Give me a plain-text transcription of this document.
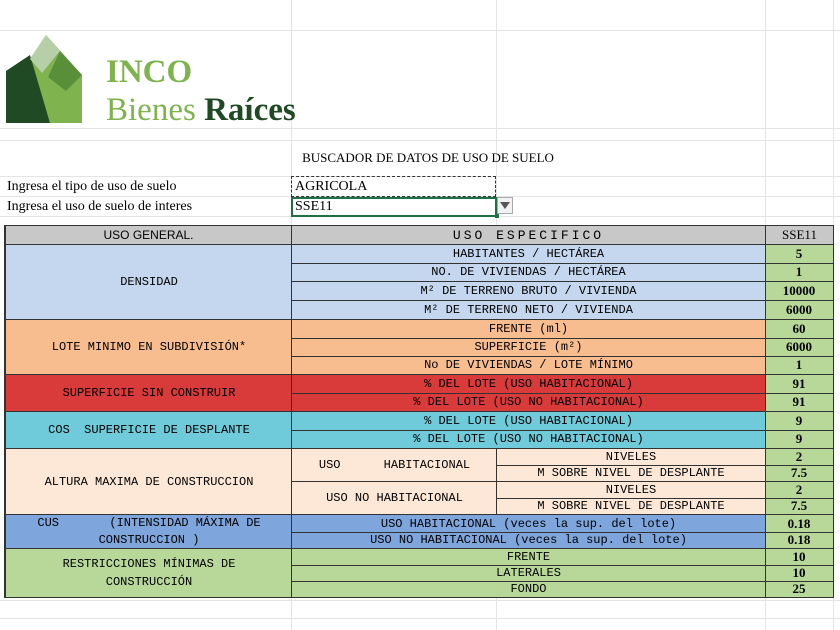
INCO
Bienes Raíces
BUSCADOR DE DATOS DE USO DE SUELO
Ingresa el tipo de uso de suelo	AGRICOLA
Ingresa el uso de suelo de interes	SSE11
USO GENERAL.	USO ESPECIFICO	SSE11
DENSIDAD
HABITANTES / HECTÁREA	5
NO. DE VIVIENDAS / HECTÁREA	1
M² DE TERRENO BRUTO / VIVIENDA	10000
M² DE TERRENO NETO / VIVIENDA	6000
LOTE MINIMO EN SUBDIVISIÓN*
FRENTE (ml)	60
SUPERFICIE (m²)	6000
No DE VIVIENDAS / LOTE MÍNIMO	1
SUPERFICIE SIN CONSTRUIR
% DEL LOTE (USO HABITACIONAL)	91
% DEL LOTE (USO NO HABITACIONAL)	91
COS  SUPERFICIE DE DESPLANTE
% DEL LOTE (USO HABITACIONAL)	9
% DEL LOTE (USO NO HABITACIONAL)	9
ALTURA MAXIMA DE CONSTRUCCION
USO      HABITACIONAL
NIVELES	2
M SOBRE NIVEL DE DESPLANTE	7.5
USO NO HABITACIONAL
NIVELES	2
M SOBRE NIVEL DE DESPLANTE	7.5
CUS       (INTENSIDAD MÁXIMA DE
CONSTRUCCION )
USO HABITACIONAL (veces la sup. del lote)	0.18
USO NO HABITACIONAL (veces la sup. del lote)	0.18
RESTRICCIONES MÍNIMAS DE
CONSTRUCCIÓN
FRENTE	10
LATERALES	10
FONDO	25
